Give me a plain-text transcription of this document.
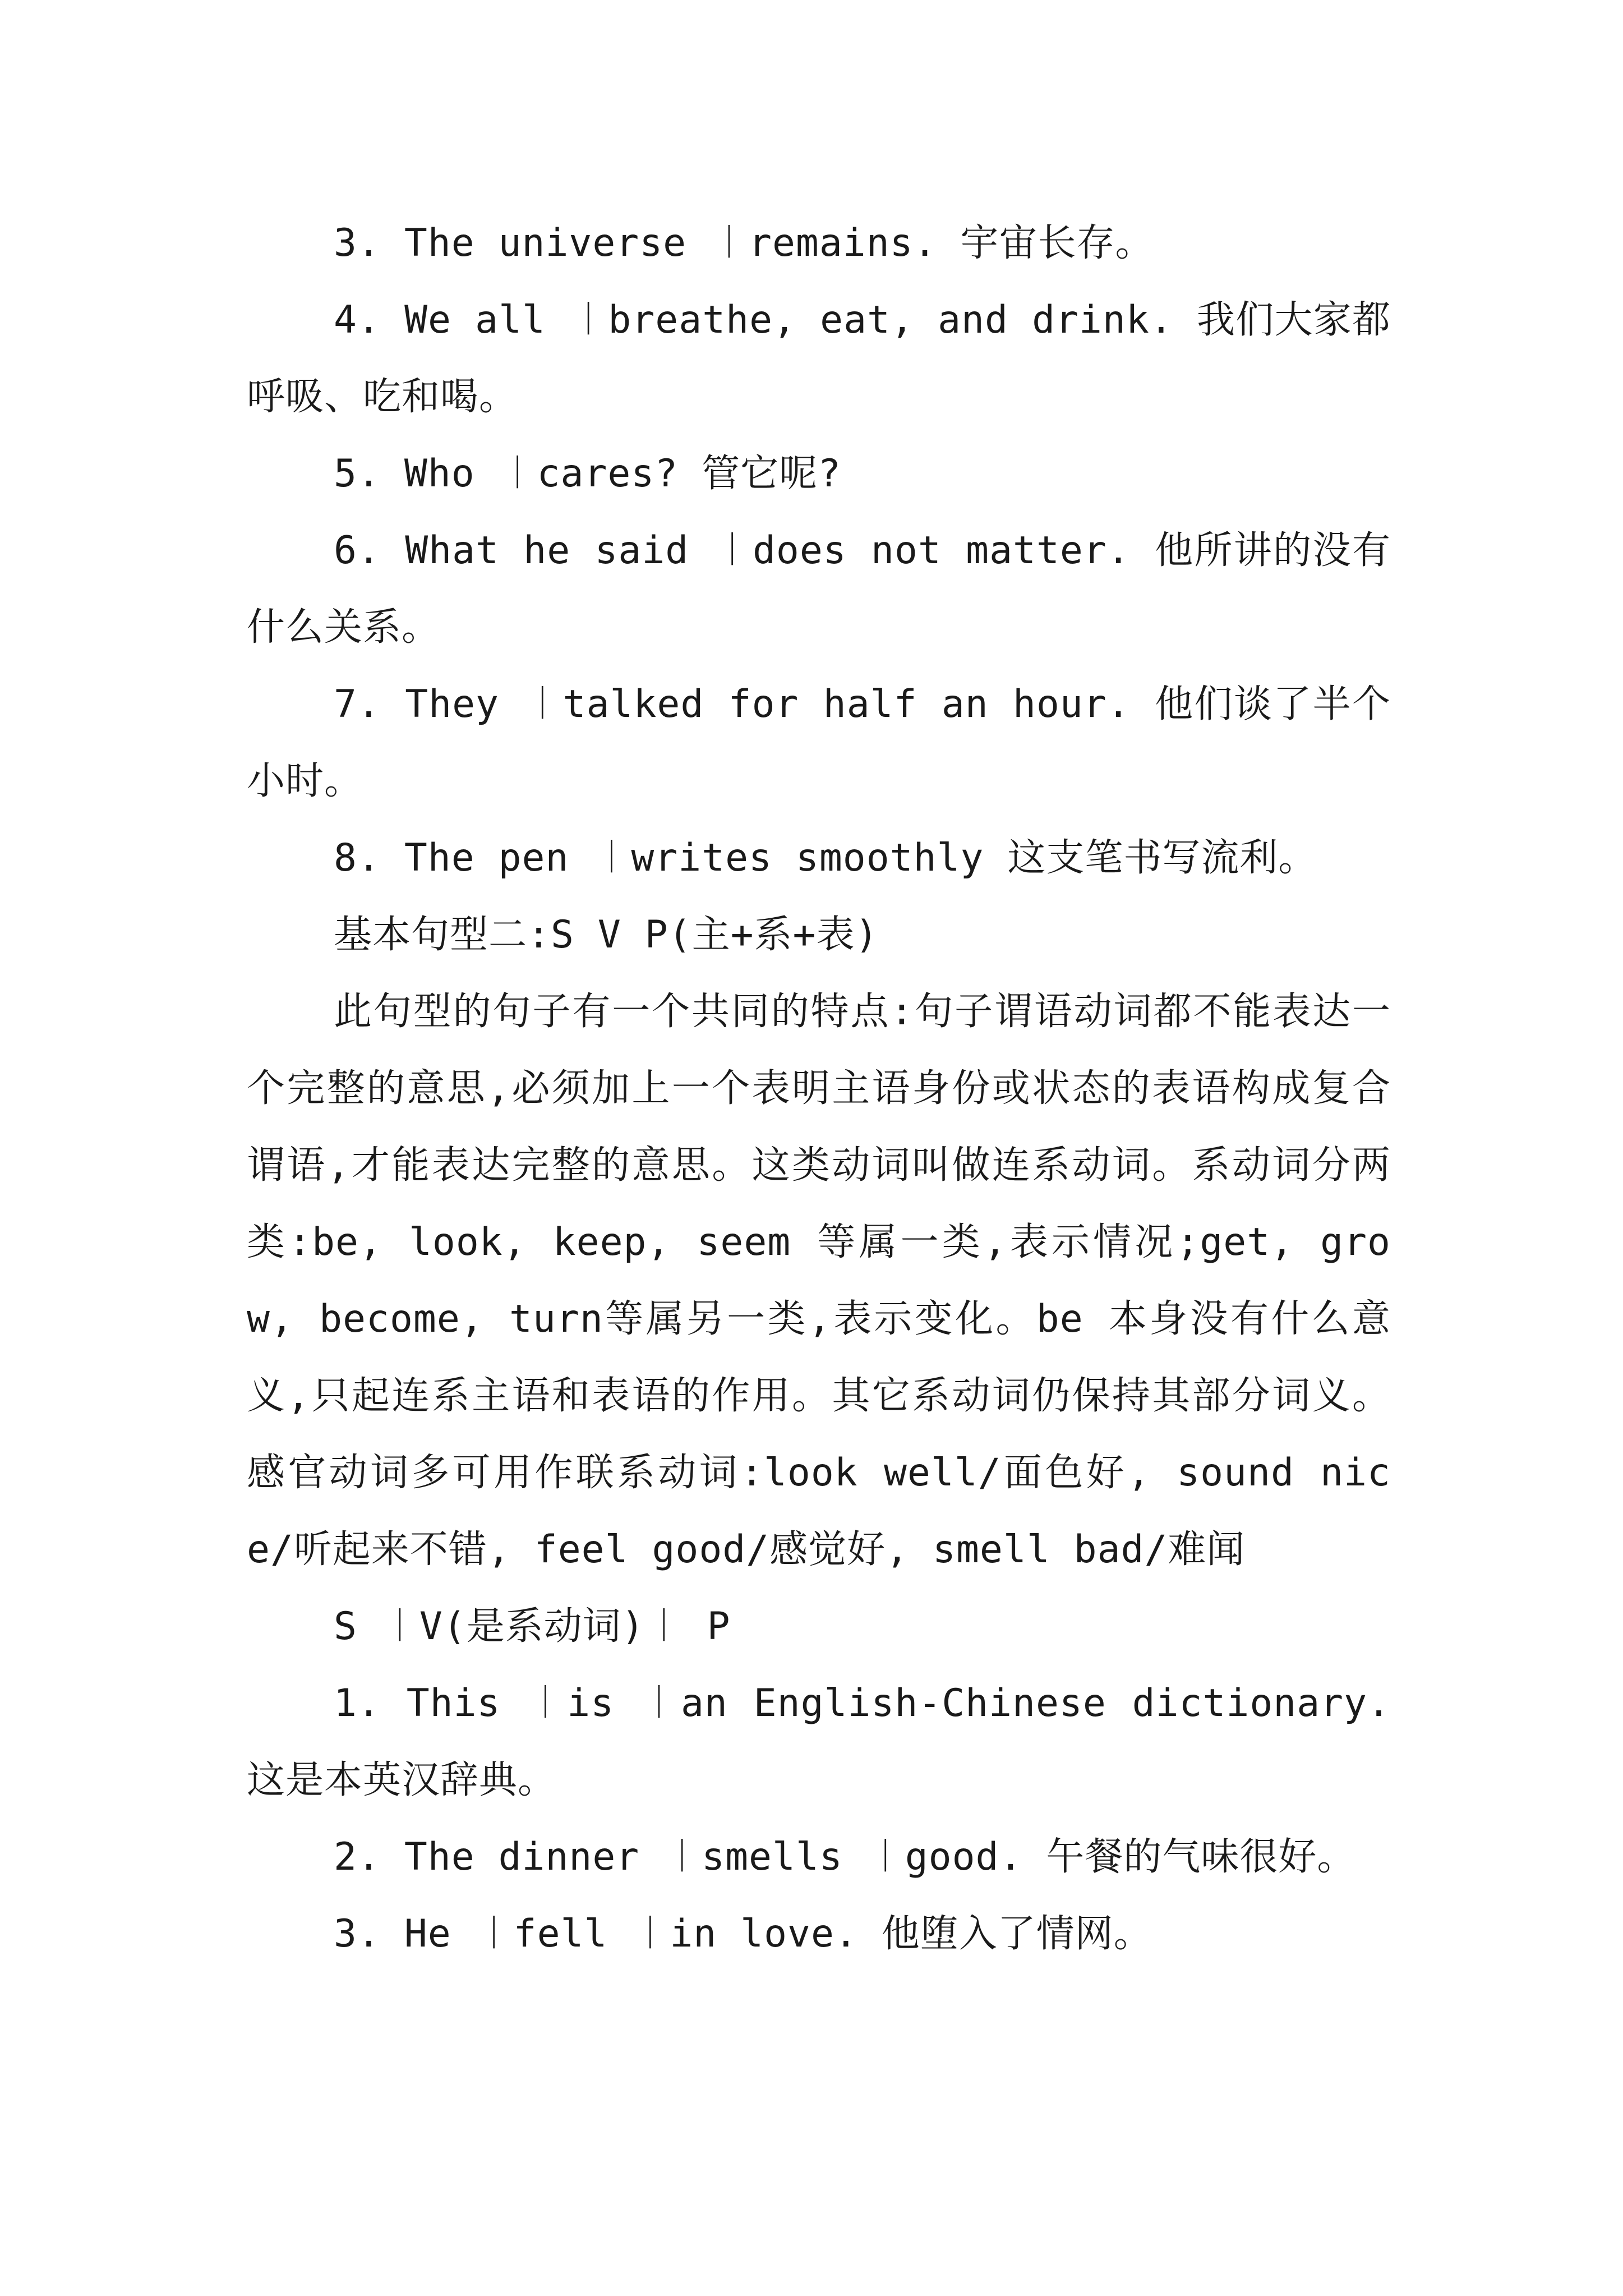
3. The universe ︱remains. 宇宙长存。

4. We all ︱breathe, eat, and drink. 我们大家都呼吸、吃和喝。

5. Who ︱cares? 管它呢?

6. What he said ︱does not matter. 他所讲的没有什么关系。

7. They ︱talked for half an hour. 他们谈了半个小时。

8. The pen ︱writes smoothly 这支笔书写流利。

基本句型二:S V P(主+系+表)

此句型的句子有一个共同的特点:句子谓语动词都不能表达一个完整的意思,必须加上一个表明主语身份或状态的表语构成复合谓语,才能表达完整的意思。这类动词叫做连系动词。系动词分两类:be, look, keep, seem 等属一类,表示情况;get, grow, become, turn等属另一类,表示变化。be 本身没有什么意义,只起连系主语和表语的作用。其它系动词仍保持其部分词义。感官动词多可用作联系动词:look well/面色好, sound nice/听起来不错, feel good/感觉好, smell bad/难闻

S ︱V(是系动词)︱ P

1. This ︱is ︱an English-Chinese dictionary.这是本英汉辞典。

2. The dinner ︱smells ︱good. 午餐的气味很好。

3. He ︱fell ︱in love. 他堕入了情网。
